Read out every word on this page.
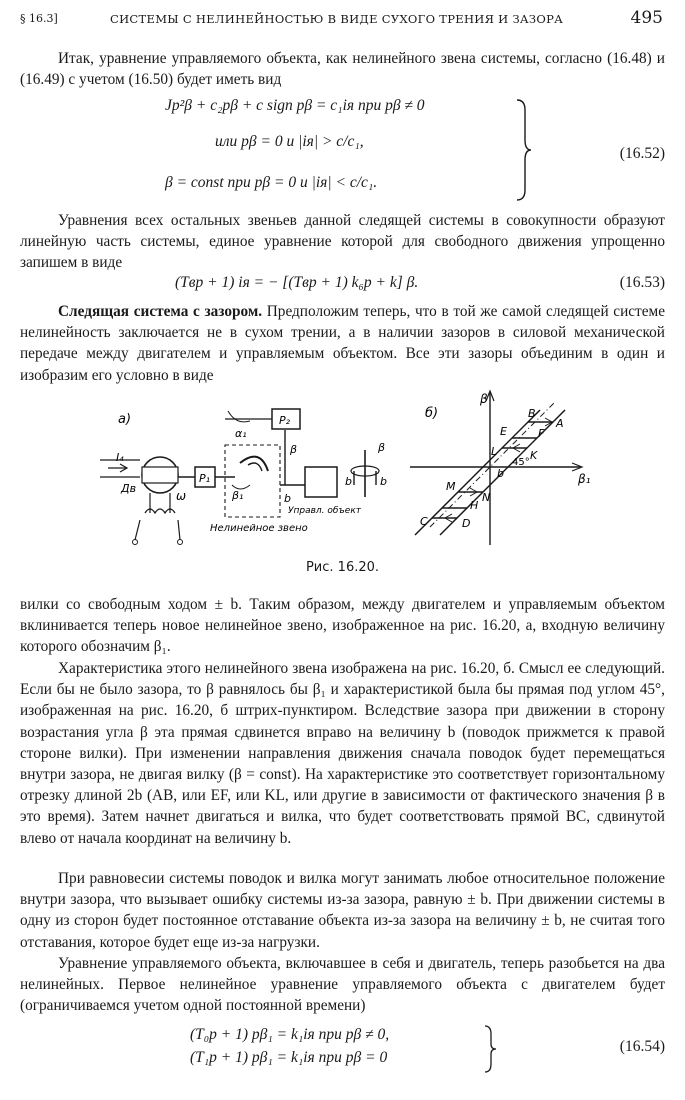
§ 16.3]	СИСТЕМЫ С НЕЛИНЕЙНОСТЬЮ В ВИДЕ СУХОГО ТРЕНИЯ И ЗАЗОРА	495

Итак, уравнение управляемого объекта, как нелинейного звена системы, согласно (16.48) и (16.49) с учетом (16.50) будет иметь вид

Jp²β + c₂pβ + c sign pβ = c₁iя при pβ ≠ 0
или pβ = 0 и |iя| > c/c₁,
β = const при pβ = 0 и |iя| < c/c₁.
(16.52)

Уравнения всех остальных звеньев данной следящей системы в совокупности образуют линейную часть системы, единое уравнение которой для свободного движения упрощенно запишем в виде

(Tвp + 1) iя = − [(Tвp + 1) k₆p + k] β.	(16.53)

Следящая система с зазором. Предположим теперь, что в той же самой следящей системе нелинейность заключается не в сухом трении, а в наличии зазоров в силовой механической передаче между двигателем и управляемым объектом. Все эти зазоры объединим в один и изобразим его условно в виде

а)
I₄
Дв
ω
P₁
β₁
Нелинейное звено
β
b
P₂
α₁
Управл. объект
b	b
β
б)
β
β₁
A
B
C	D
E	F
K
L
M
N
H
45°
b
Рис. 16.20.

вилки со свободным ходом ± b. Таким образом, между двигателем и управляемым объектом вклинивается теперь новое нелинейное звено, изображенное на рис. 16.20, а, входную величину которого обозначим β₁.

Характеристика этого нелинейного звена изображена на рис. 16.20, б. Смысл ее следующий. Если бы не было зазора, то β равнялось бы β₁ и характеристикой была бы прямая под углом 45°, изображенная на рис. 16.20, б штрих-пунктиром. Вследствие зазора при движении в сторону возрастания угла β эта прямая сдвинется вправо на величину b (поводок прижмется к правой стороне вилки). При изменении направления движения сначала поводок будет перемещаться внутри зазора, не двигая вилку (β = const). На характеристике это соответствует горизонтальному отрезку длиной 2b (AB, или EF, или KL, или другие в зависимости от фактического значения β в это время). Затем начнет двигаться и вилка, что будет соответствовать прямой BC, сдвинутой влево от начала координат на величину b.

При равновесии системы поводок и вилка могут занимать любое относительное положение внутри зазора, что вызывает ошибку системы из-за зазора, равную ± b. При движении системы в одну из сторон будет постоянное отставание объекта из-за зазора на величину ± b, не считая того отставания, которое будет еще из-за нагрузки.

Уравнение управляемого объекта, включавшее в себя и двигатель, теперь разобьется на два нелинейных. Первое нелинейное уравнение управляемого объекта с двигателем будет (ограничиваемся учетом одной постоянной времени)

(T₀p + 1) pβ₁ = k₁iя при pβ ≠ 0,
(T₁p + 1) pβ₁ = k₁iя при pβ = 0
(16.54)
